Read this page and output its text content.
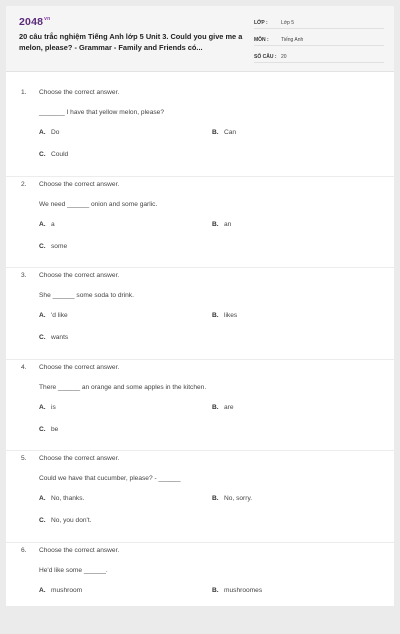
$2048^{vn}$
20 câu trắc nghiệm Tiếng Anh lớp 5 Unit 3. Could you give me a melon, please? - Grammar - Family and Friends có...
LỚP :	Lớp 5
MÔN :	Tiếng Anh
SỐ CÂU : 20
1. Choose the correct answer.
_______ I have that yellow melon, please?
A. Do	B. Can
C. Could
2. Choose the correct answer.
We need ______ onion and some garlic.
A. a	B. an
C. some
3. Choose the correct answer.
She ______ some soda to drink.
A. 'd like	B. likes
C. wants
4. Choose the correct answer.
There ______ an orange and some apples in the kitchen.
A. is	B. are
C. be
5. Choose the correct answer.
Could we have that cucumber, please? - ______
A. No, thanks.	B. No, sorry.
C. No, you don't.
6. Choose the correct answer.
He'd like some ______.
A. mushroom	B. mushroomes
